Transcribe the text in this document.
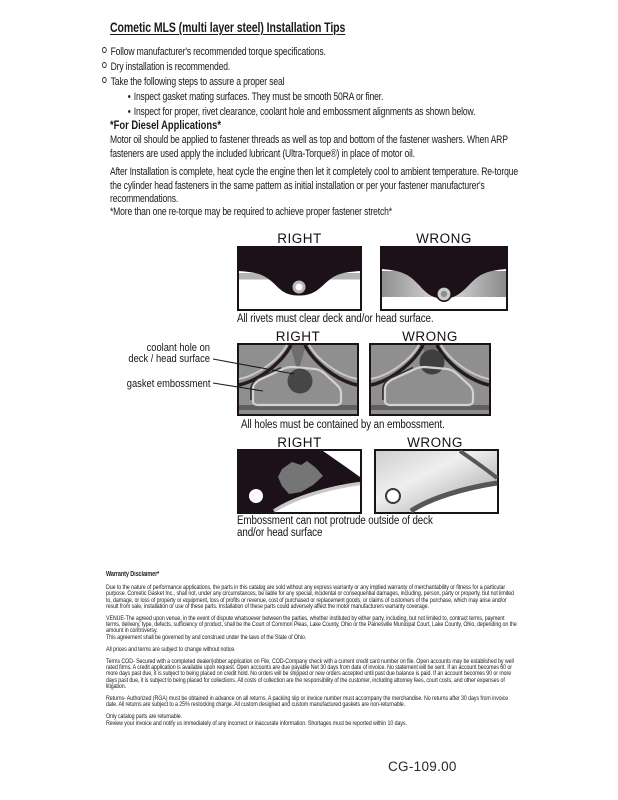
Cometic MLS (multi layer steel) Installation Tips
Follow manufacturer's recommended torque specifications.
Dry installation is recommended.
Take the following steps to assure a proper seal
• Inspect gasket mating surfaces. They must be smooth 50RA or finer.
• Inspect for proper, rivet clearance, coolant hole and embossment alignments as shown below.
*For Diesel Applications*
Motor oil should be applied to fastener threads as well as top and bottom of the fastener washers. When ARP fasteners are used apply the included lubricant (Ultra-Torque®) in place of motor oil.
After Installation is complete, heat cycle the engine then let it completely cool to ambient temperature. Re-torque the cylinder head fasteners in the same pattern as initial installation or per your fastener manufacturer's recommendations.
*More than one re-torque may be required to achieve proper fastener stretch*
RIGHT	WRONG
All rivets must clear deck and/or head surface.
RIGHT	WRONG
coolant hole on
deck / head surface
gasket embossment
All holes must be contained by an embossment.
RIGHT	WRONG
Embossment can not protrude outside of deck
and/or head surface
Warranty Disclaimer*
Due to the nature of performance applications, the parts in this catalog are sold without any express warranty or any implied warranty of merchantability or fitness for a particular purpose. Cometic Gasket Inc., shall not, under any circumstances, be liable for any special, incidental or consequential damages, including, person, party or property, but not limited to, damage, or loss of property or equipment, loss of profits or revenue, cost of purchased or replacement goods, or claims of customers of the purchase, which may arise and/or result from sale, installation or use of these parts. Installation of these parts could adversely affect the motor manufacturers warranty coverage.
VENUE-The agreed upon venue, in the event of dispute whatsoever between the parties, whether instituted by either party, including, but not limited to, contract terms, payment terms, delivery, type, defects, sufficiency of product, shall be the Court of Common Pleas, Lake County, Ohio or the Painesville Municipal Court, Lake County, Ohio, depending on the amount in controversy.
This agreement shall be governed by and construed under the laws of the State of Ohio.
All prices and terms are subject to change without notice.
Terms COD- Secured with a completed dealer/jobber application on File, COD-Company check with a current credit card number on file. Open accounts may be established by well rated firms. A credit application is available upon request. Open accounts are due payable Net 30 days from date of invoice. No statement will be sent. If an account becomes 60 or more days past due, it is subject to being placed on credit hold. No orders will be shipped or new orders accepted until past due balance is paid. If an account becomes 90 or more days past due, it is subject to being placed for collections. All costs of collection are the responsibility of the customer, including attorney fees, court costs, and other expenses of litigation.
Returns- Authorized (RGA) must be obtained in advance on all returns. A packing slip or invoice number must accompany the merchandise. No returns after 30 days from invoice date. All returns are subject to a 25% restocking charge. All custom designed and custom manufactured gaskets are non-returnable.
Only catalog parts are returnable.
Review your invoice and notify us immediately of any incorrect or inaccurate information. Shortages must be reported within 10 days.
CG-109.00
